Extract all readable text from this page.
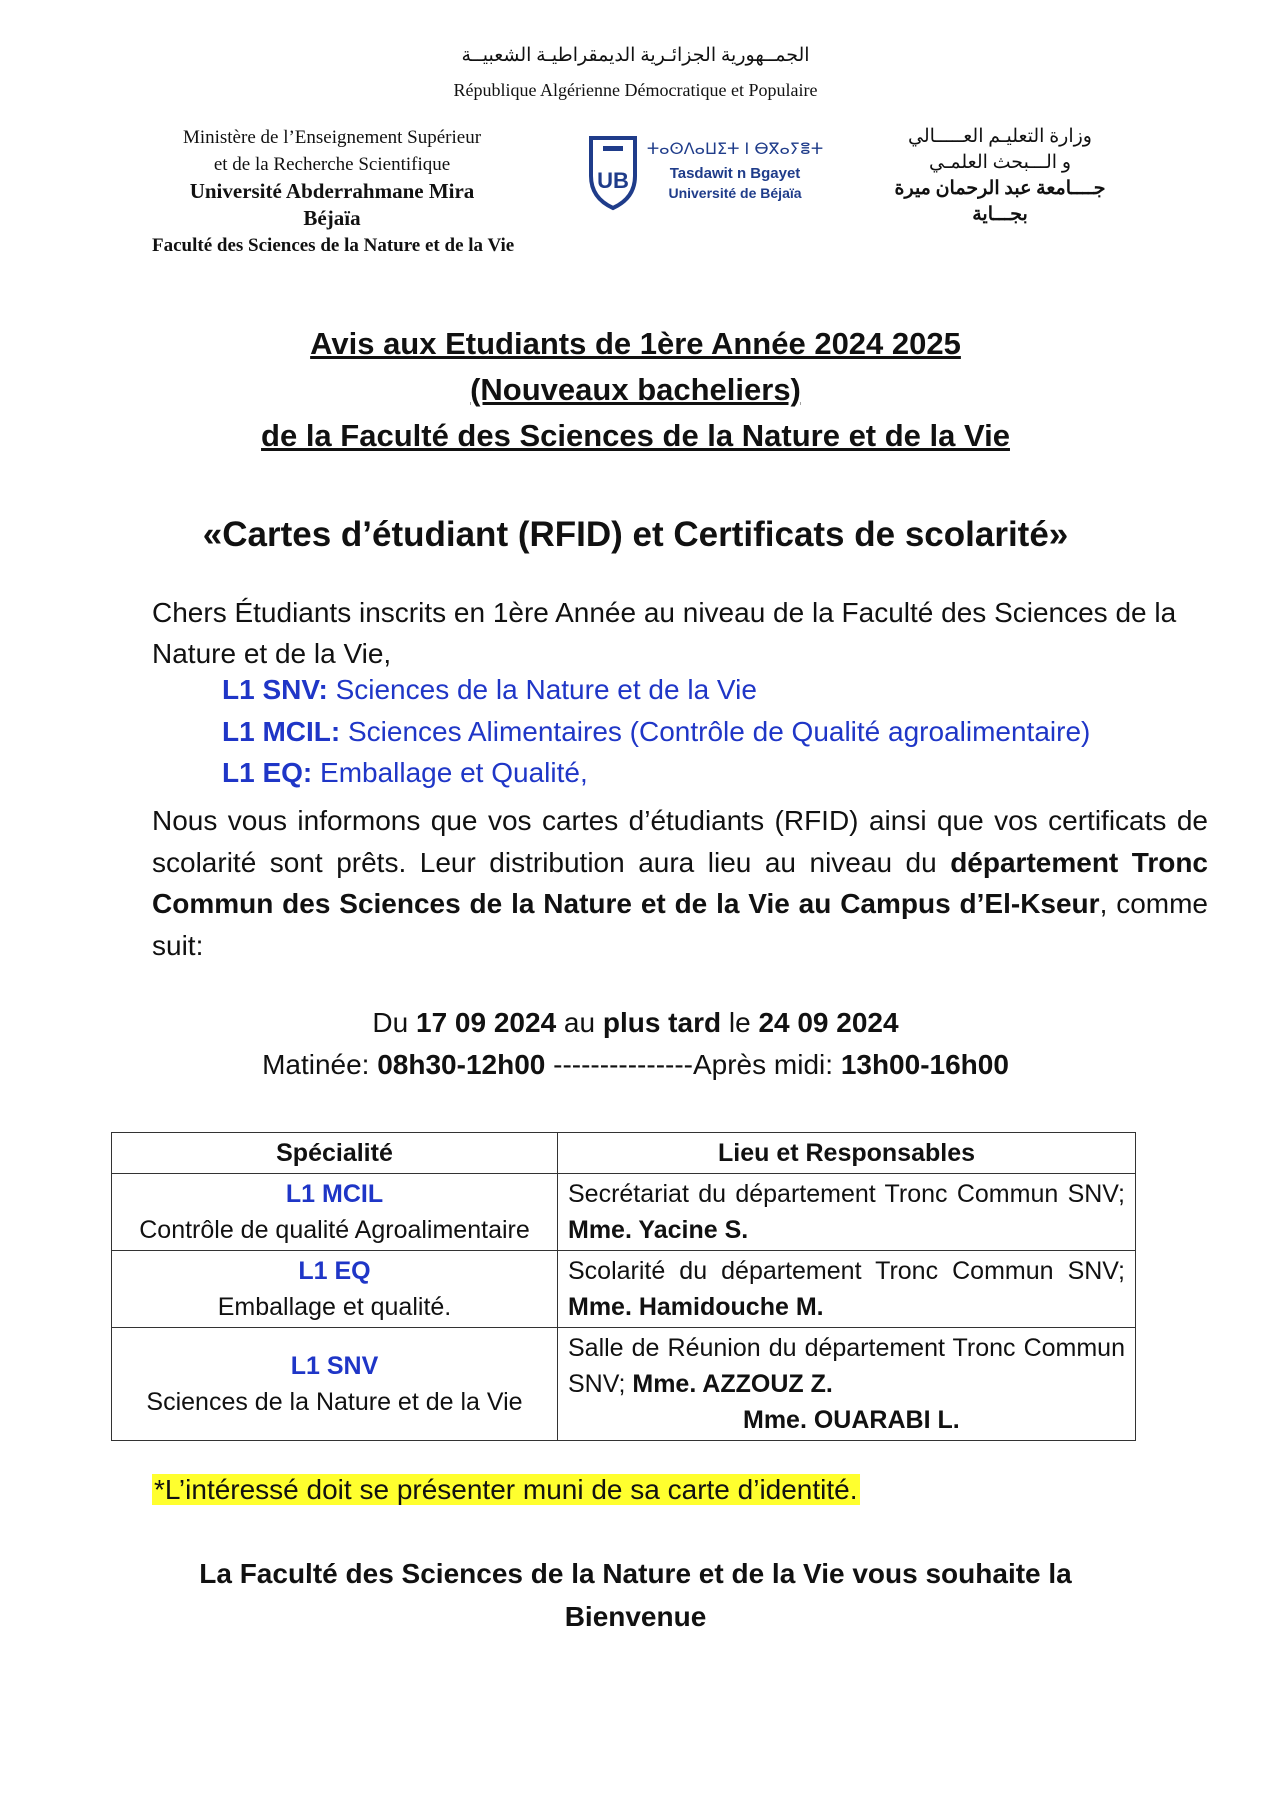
الجمــهورية الجزائـرية الديمقراطيـة الشعبيــة
République Algérienne Démocratique et Populaire
Ministère de l’Enseignement Supérieur
et de la Recherche Scientifique
Université Abderrahmane Mira
Béjaïa
Faculté des Sciences de la Nature et de la Vie
UB
ⵜⴰⵙⴷⴰⵡⵉⵜ ⵏ ⴱⴳⴰⵢⴻⵜ
Tasdawit n Bgayet
Université de Béjaïa
وزارة التعليـم العـــــالي
و الـــبحث العلمـي
جــــامعة عبد الرحمان ميرة
بجـــاية
Avis aux Etudiants de 1ère Année 2024 2025
(Nouveaux bacheliers)
de la Faculté des Sciences de la Nature et de la Vie
«Cartes d’étudiant (RFID) et Certificats de scolarité»
Chers Étudiants inscrits en 1ère Année au niveau de la Faculté des Sciences de la Nature et de la Vie,
L1 SNV: Sciences de la Nature et de la Vie
L1 MCIL: Sciences Alimentaires (Contrôle de Qualité agroalimentaire)
L1 EQ: Emballage et Qualité,
Nous vous informons que vos cartes d’étudiants (RFID) ainsi que vos certificats de scolarité sont prêts. Leur distribution aura lieu au niveau du département Tronc Commun des Sciences de la Nature et de la Vie au Campus d’El-Kseur, comme suit:
Du 17 09 2024 au plus tard le 24 09 2024
Matinée: 08h30-12h00 ---------------Après midi: 13h00-16h00
Spécialité	Lieu et Responsables

L1 MCIL
Contrôle de qualité Agroalimentaire	Secrétariat du département Tronc Commun SNV; Mme. Yacine S.

L1 EQ
Emballage et qualité.	Scolarité du département Tronc Commun SNV; Mme. Hamidouche M.

L1 SNV
Sciences de la Nature et de la Vie	Salle de Réunion du département Tronc Commun SNV; Mme. AZZOUZ Z.
Mme. OUARABI L.
*L’intéressé doit se présenter muni de sa carte d’identité.
La Faculté des Sciences de la Nature et de la Vie vous souhaite la
Bienvenue
